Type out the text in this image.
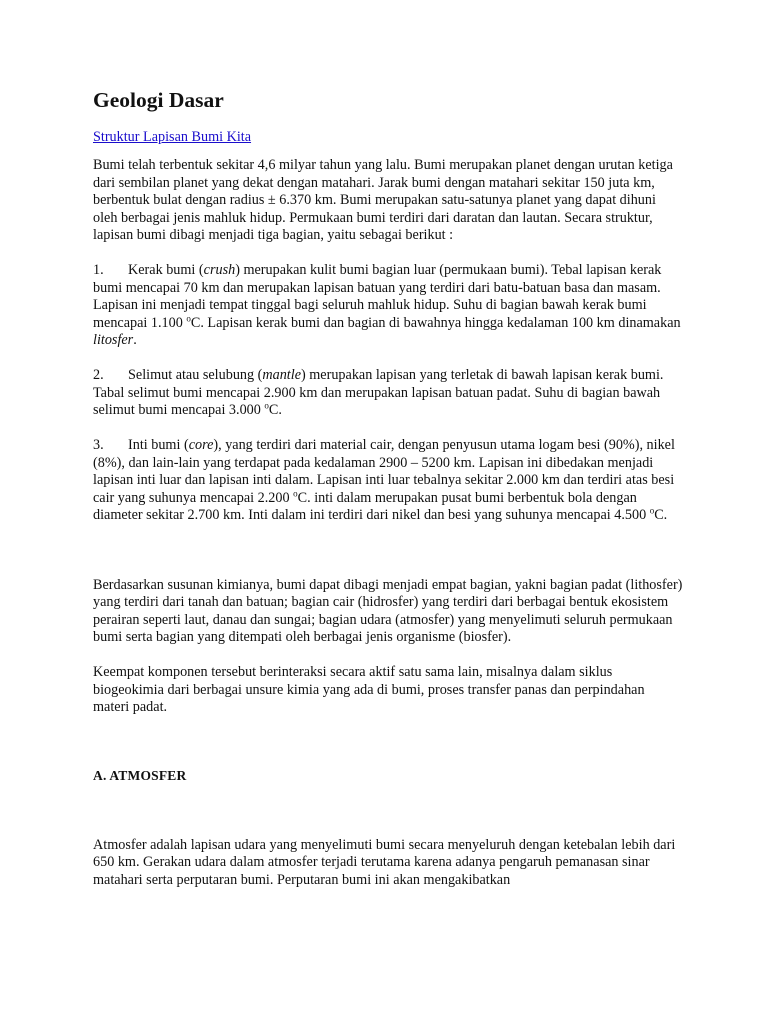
Geologi Dasar
Struktur Lapisan Bumi Kita

Bumi telah terbentuk sekitar 4,6 milyar tahun yang lalu. Bumi merupakan planet dengan urutan ketiga dari sembilan planet yang dekat dengan matahari. Jarak bumi dengan matahari sekitar 150 juta km, berbentuk bulat dengan radius ± 6.370 km. Bumi merupakan satu-satunya planet yang dapat dihuni oleh berbagai jenis mahluk hidup. Permukaan bumi terdiri dari daratan dan lautan. Secara struktur, lapisan bumi dibagi menjadi tiga bagian, yaitu sebagai berikut :

1. Kerak bumi (crush) merupakan kulit bumi bagian luar (permukaan bumi). Tebal lapisan kerak bumi mencapai 70 km dan merupakan lapisan batuan yang terdiri dari batu-batuan basa dan masam. Lapisan ini menjadi tempat tinggal bagi seluruh mahluk hidup. Suhu di bagian bawah kerak bumi mencapai 1.100 $^o$C. Lapisan kerak bumi dan bagian di bawahnya hingga kedalaman 100 km dinamakan litosfer.

2. Selimut atau selubung (mantle) merupakan lapisan yang terletak di bawah lapisan kerak bumi. Tabal selimut bumi mencapai 2.900 km dan merupakan lapisan batuan padat. Suhu di bagian bawah selimut bumi mencapai 3.000 $^o$C.

3. Inti bumi (core), yang terdiri dari material cair, dengan penyusun utama logam besi (90%), nikel (8%), dan lain-lain yang terdapat pada kedalaman 2900 – 5200 km. Lapisan ini dibedakan menjadi lapisan inti luar dan lapisan inti dalam. Lapisan inti luar tebalnya sekitar 2.000 km dan terdiri atas besi cair yang suhunya mencapai 2.200 $^o$C. inti dalam merupakan pusat bumi berbentuk bola dengan diameter sekitar 2.700 km. Inti dalam ini terdiri dari nikel dan besi yang suhunya mencapai 4.500 $^o$C.

Berdasarkan susunan kimianya, bumi dapat dibagi menjadi empat bagian, yakni bagian padat (lithosfer) yang terdiri dari tanah dan batuan; bagian cair (hidrosfer) yang terdiri dari berbagai bentuk ekosistem perairan seperti laut, danau dan sungai; bagian udara (atmosfer) yang menyelimuti seluruh permukaan bumi serta bagian yang ditempati oleh berbagai jenis organisme (biosfer).

Keempat komponen tersebut berinteraksi secara aktif satu sama lain, misalnya dalam siklus biogeokimia dari berbagai unsure kimia yang ada di bumi, proses transfer panas dan perpindahan materi padat.

A. ATMOSFER

Atmosfer adalah lapisan udara yang menyelimuti bumi secara menyeluruh dengan ketebalan lebih dari 650 km. Gerakan udara dalam atmosfer terjadi terutama karena adanya pengaruh pemanasan sinar matahari serta perputaran bumi. Perputaran bumi ini akan mengakibatkan
